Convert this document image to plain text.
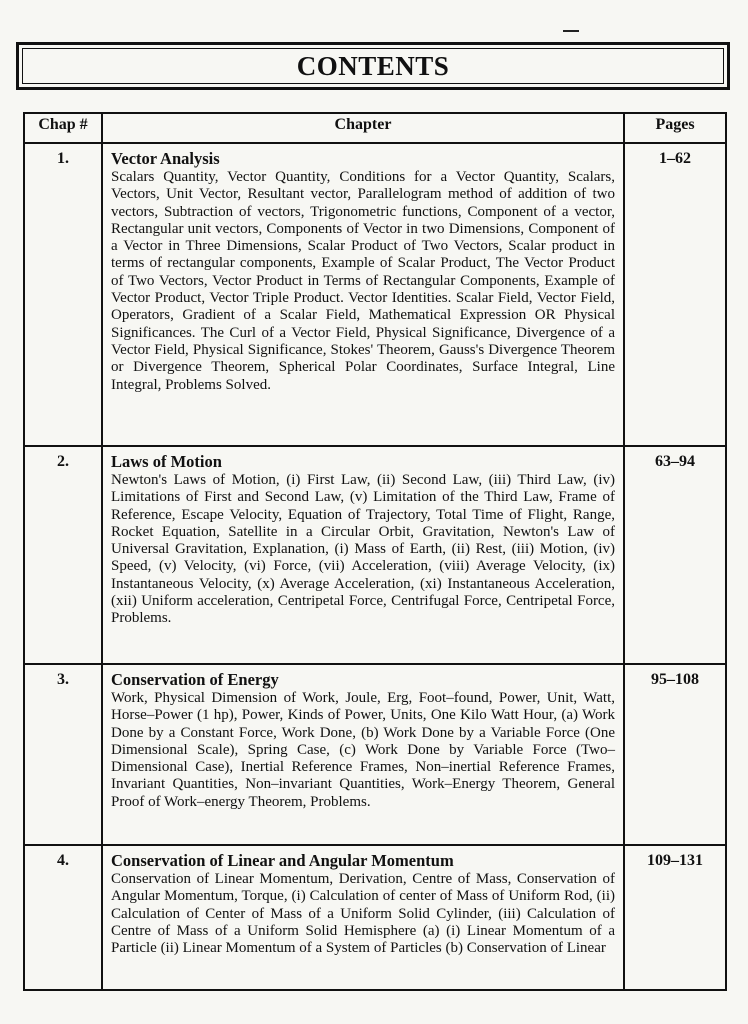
CONTENTS
Chap #	Chapter	Pages
1.	Vector Analysis
Scalars Quantity, Vector Quantity, Conditions for a Vector Quantity, Scalars, Vectors, Unit Vector, Resultant vector, Parallelogram method of addition of two vectors, Subtraction of vectors, Trigonometric functions, Component of a vector, Rectangular unit vectors, Components of Vector in two Dimensions, Component of a Vector in Three Dimensions, Scalar Product of Two Vectors, Scalar product in terms of rectangular components, Example of Scalar Product, The Vector Product of Two Vectors, Vector Product in Terms of Rectangular Components, Example of Vector Product, Vector Triple Product. Vector Identities. Scalar Field, Vector Field, Operators, Gradient of a Scalar Field, Mathematical Expression OR Physical Significances. The Curl of a Vector Field, Physical Significance, Divergence of a Vector Field, Physical Significance, Stokes' Theorem, Gauss's Divergence Theorem or Divergence Theorem, Spherical Polar Coordinates, Surface Integral, Line Integral, Problems Solved.	1–62
2.	Laws of Motion
Newton's Laws of Motion, (i) First Law, (ii) Second Law, (iii) Third Law, (iv) Limitations of First and Second Law, (v) Limitation of the Third Law, Frame of Reference, Escape Velocity, Equation of Trajectory, Total Time of Flight, Range, Rocket Equation, Satellite in a Circular Orbit, Gravitation, Newton's Law of Universal Gravitation, Explanation, (i) Mass of Earth, (ii) Rest, (iii) Motion, (iv) Speed, (v) Velocity, (vi) Force, (vii) Acceleration, (viii) Average Velocity, (ix) Instantaneous Velocity, (x) Average Acceleration, (xi) Instantaneous Acceleration, (xii) Uniform acceleration, Centripetal Force, Centrifugal Force, Centripetal Force, Problems.	63–94
3.	Conservation of Energy
Work, Physical Dimension of Work, Joule, Erg, Foot–found, Power, Unit, Watt, Horse–Power (1 hp), Power, Kinds of Power, Units, One Kilo Watt Hour, (a) Work Done by a Constant Force, Work Done, (b) Work Done by a Variable Force (One Dimensional Scale), Spring Case, (c) Work Done by Variable Force (Two–Dimensional Case), Inertial Reference Frames, Non–inertial Reference Frames, Invariant Quantities, Non–invariant Quantities, Work–Energy Theorem, General Proof of Work–energy Theorem, Problems.	95–108
4.	Conservation of Linear and Angular Momentum
Conservation of Linear Momentum, Derivation, Centre of Mass, Conservation of Angular Momentum, Torque, (i) Calculation of center of Mass of Uniform Rod, (ii) Calculation of Center of Mass of a Uniform Solid Cylinder, (iii) Calculation of Centre of Mass of a Uniform Solid Hemisphere (a) (i) Linear Momentum of a Particle (ii) Linear Momentum of a System of Particles (b) Conservation of Linear	109–131
